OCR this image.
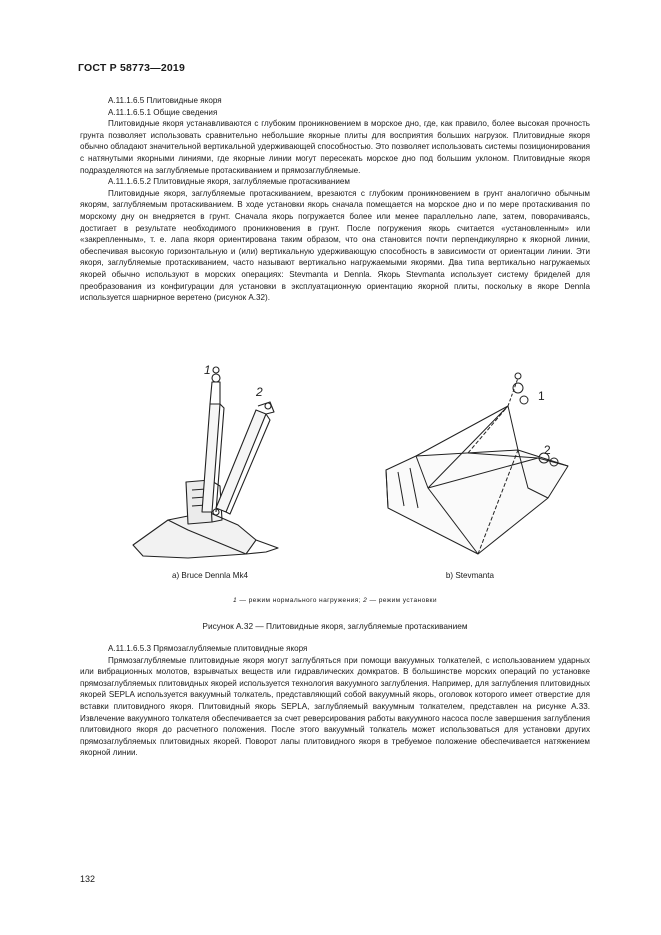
ГОСТ Р 58773—2019

А.11.1.6.5 Плитовидные якоря

А.11.1.6.5.1 Общие сведения

Плитовидные якоря устанавливаются с глубоким проникновением в морское дно, где, как правило, более высокая прочность грунта позволяет использовать сравнительно небольшие якорные плиты для восприятия больших нагрузок. Плитовидные якоря обычно обладают значительной вертикальной удерживающей способностью. Это позволяет использовать системы позиционирования с натянутыми якорными линиями, где якорные линии могут пересекать морское дно под большим уклоном. Плитовидные якоря подразделяются на заглубляемые протаскиванием и прямозаглубляемые.

А.11.1.6.5.2 Плитовидные якоря, заглубляемые протаскиванием

Плитовидные якоря, заглубляемые протаскиванием, врезаются с глубоким проникновением в грунт аналогично обычным якорям, заглубляемым протаскиванием. В ходе установки якорь сначала помещается на морское дно и по мере протаскивания по морскому дну он внедряется в грунт. Сначала якорь погружается более или менее параллельно лапе, затем, поворачиваясь, достигает в результате необходимого проникновения в грунт. После погружения якорь считается «установленным» или «закрепленным», т. е. лапа якоря ориентирована таким образом, что она становится почти перпендикулярно к якорной линии, обеспечивая высокую горизонтальную и (или) вертикальную удерживающую способность в зависимости от ориентации линии. Эти якоря, заглубляемые протаскиванием, часто называют вертикально нагружаемыми якорями. Два типа вертикально нагружаемых якорей обычно используют в морских операциях: Stevmanta и Dennla. Якорь Stevmanta использует систему бриделей для преобразования из конфигурации для установки в эксплуатационную ориентацию якорной плиты, поскольку в якоре Dennla используется шарнирное веретено (рисунок А.32).

1
2	1
2
a) Bruce Dennla Mk4	b) Stevmanta
1 — режим нормального нагружения; 2 — режим установки
Рисунок А.32 — Плитовидные якоря, заглубляемые протаскиванием

А.11.1.6.5.3 Прямозаглубляемые плитовидные якоря

Прямозаглубляемые плитовидные якоря могут заглубляться при помощи вакуумных толкателей, с использованием ударных или вибрационных молотов, взрывчатых веществ или гидравлических домкратов. В большинстве морских операций по установке прямозаглубляемых плитовидных якорей используется технология вакуумного заглубления. Например, для заглубления плитовидных якорей SEPLA используется вакуумный толкатель, представляющий собой вакуумный якорь, оголовок которого имеет отверстие для вставки плитовидного якоря. Плитовидный якорь SEPLA, заглубляемый вакуумным толкателем, представлен на рисунке А.33. Извлечение вакуумного толкателя обеспечивается за счет реверсирования работы вакуумного насоса после завершения заглубления плитовидного якоря до расчетного положения. После этого вакуумный толкатель может использоваться для установки других прямозаглубляемых плитовидных якорей. Поворот лапы плитовидного якоря в требуемое положение обеспечивается натяжением якорной линии.

132
